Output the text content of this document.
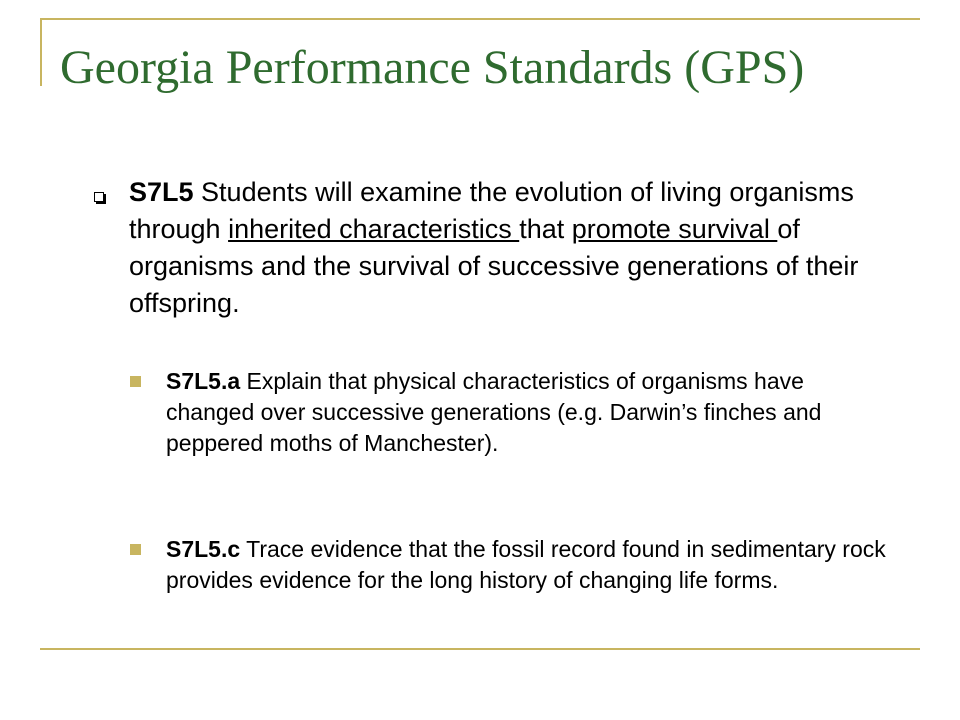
Georgia Performance Standards (GPS)
S7L5 Students will examine the evolution of living organisms through inherited characteristics that promote survival of organisms and the survival of successive generations of their offspring.
S7L5.a Explain that physical characteristics of organisms have changed over successive generations (e.g. Darwin’s finches and peppered moths of Manchester).
S7L5.c Trace evidence that the fossil record found in sedimentary rock provides evidence for the long history of changing life forms.
